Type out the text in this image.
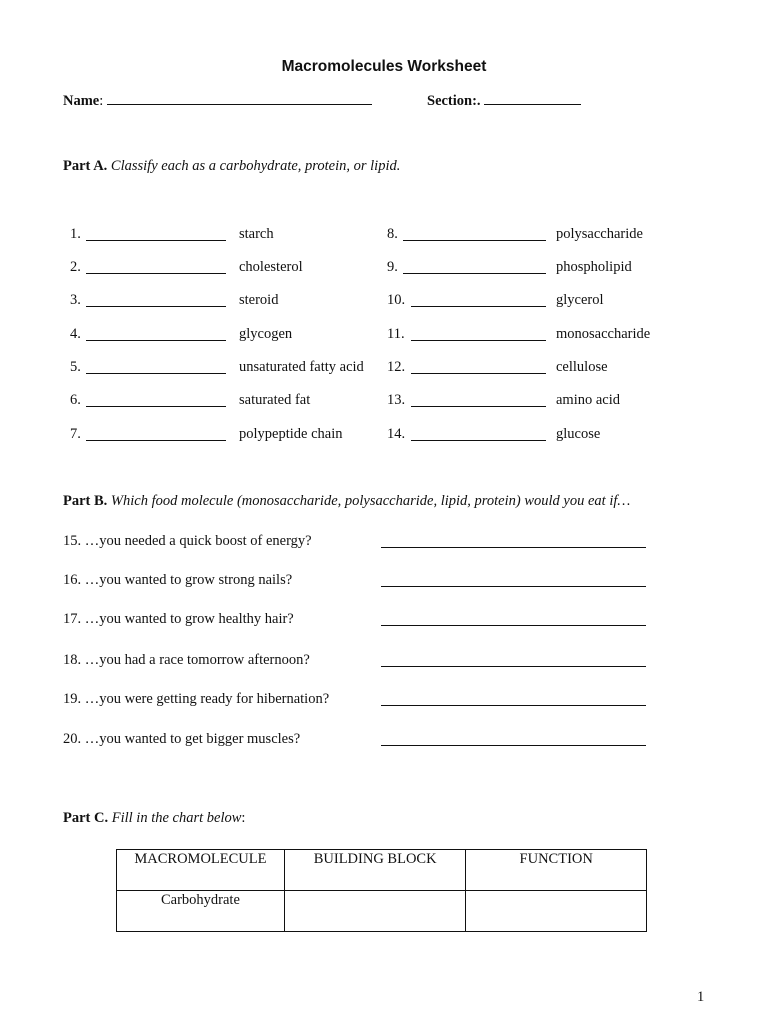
Macromolecules Worksheet
Name:	Section:.
Part A. Classify each as a carbohydrate, protein, or lipid.
1.	starch
2.	cholesterol
3.	steroid
4.	glycogen
5.	unsaturated fatty acid
6.	saturated fat
7.	polypeptide chain
8.	polysaccharide
9.	phospholipid
10.	glycerol
11.	monosaccharide
12.	cellulose
13.	amino acid
14.	glucose
Part B. Which food molecule (monosaccharide, polysaccharide, lipid, protein) would you eat if…
15. …you needed a quick boost of energy?
16. …you wanted to grow strong nails?
17. …you wanted to grow healthy hair?
18. …you had a race tomorrow afternoon?
19. …you were getting ready for hibernation?
20. …you wanted to get bigger muscles?
Part C. Fill in the chart below:
MACROMOLECULE	BUILDING BLOCK	FUNCTION
Carbohydrate		
1
